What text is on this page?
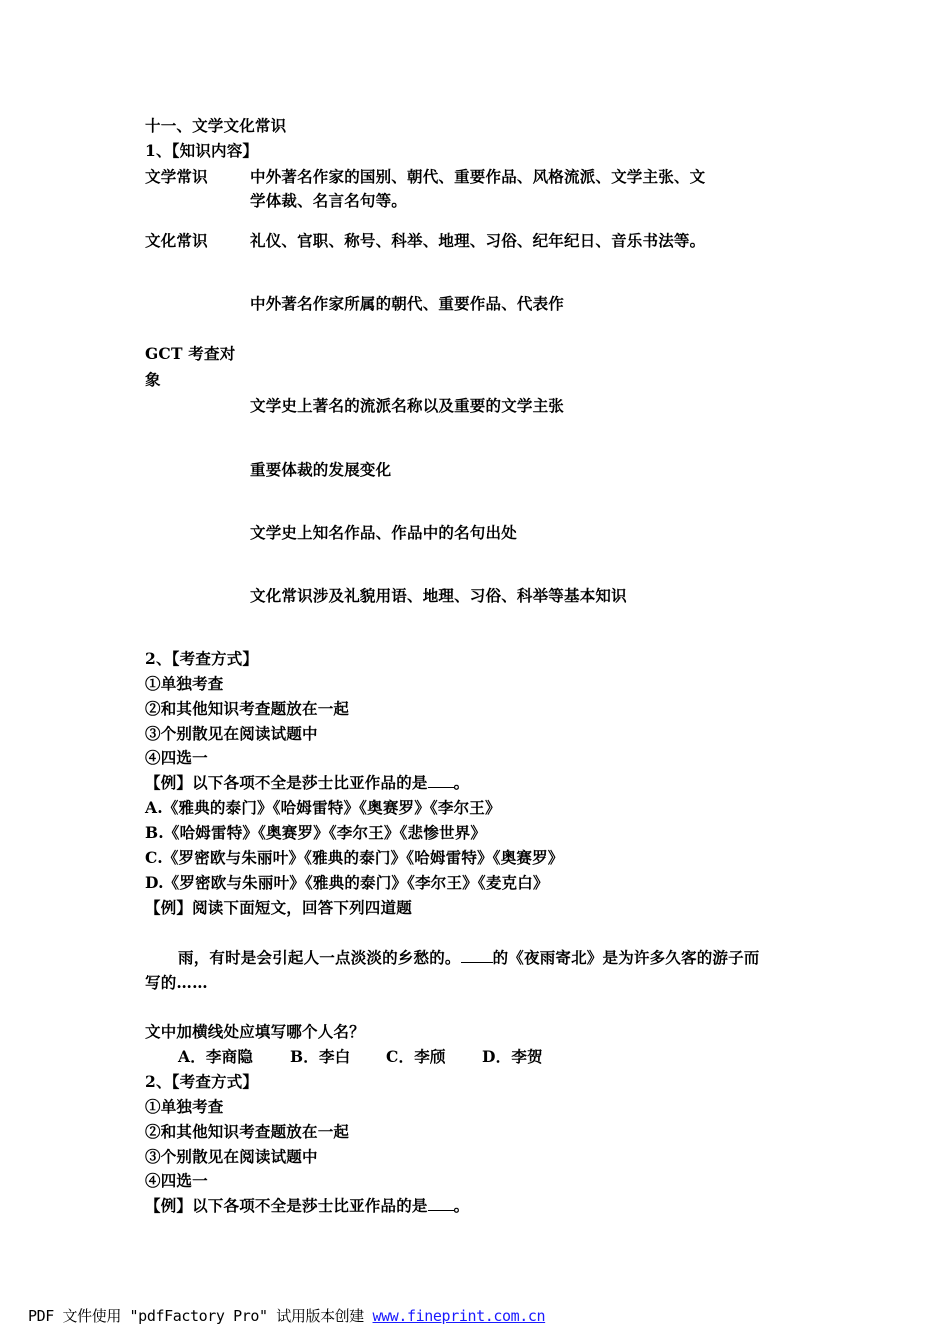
十一、文学文化常识
1、【知识内容】
文学常识	中外著名作家的国别、朝代、重要作品、风格流派、文学主张、文
学体裁、名言名句等。
文化常识	礼仪、官职、称号、科举、地理、习俗、纪年纪日、音乐书法等。
中外著名作家所属的朝代、重要作品、代表作
GCT 考查对
象
文学史上著名的流派名称以及重要的文学主张
重要体裁的发展变化
文学史上知名作品、作品中的名句出处
文化常识涉及礼貌用语、地理、习俗、科举等基本知识
2、【考查方式】
①单独考查
②和其他知识考查题放在一起
③个别散见在阅读试题中
④四选一
【例】以下各项不全是莎士比亚作品的是 。
A.《雅典的泰门》《哈姆雷特》《奥赛罗》《李尔王》
B.《哈姆雷特》《奥赛罗》《李尔王》《悲惨世界》
C.《罗密欧与朱丽叶》《雅典的泰门》《哈姆雷特》《奥赛罗》
D.《罗密欧与朱丽叶》《雅典的泰门》《李尔王》《麦克白》
【例】阅读下面短文，回答下列四道题
雨，有时是会引起人一点淡淡的乡愁的。 的《夜雨寄北》是为许多久客的游子而
写的……
文中加横线处应填写哪个人名？
A．李商隐 B．李白 C．李颀 D．李贺
2、【考查方式】
①单独考查
②和其他知识考查题放在一起
③个别散见在阅读试题中
④四选一
【例】以下各项不全是莎士比亚作品的是 。
PDF 文件使用 "pdfFactory Pro" 试用版本创建 www.fineprint.com.cn
